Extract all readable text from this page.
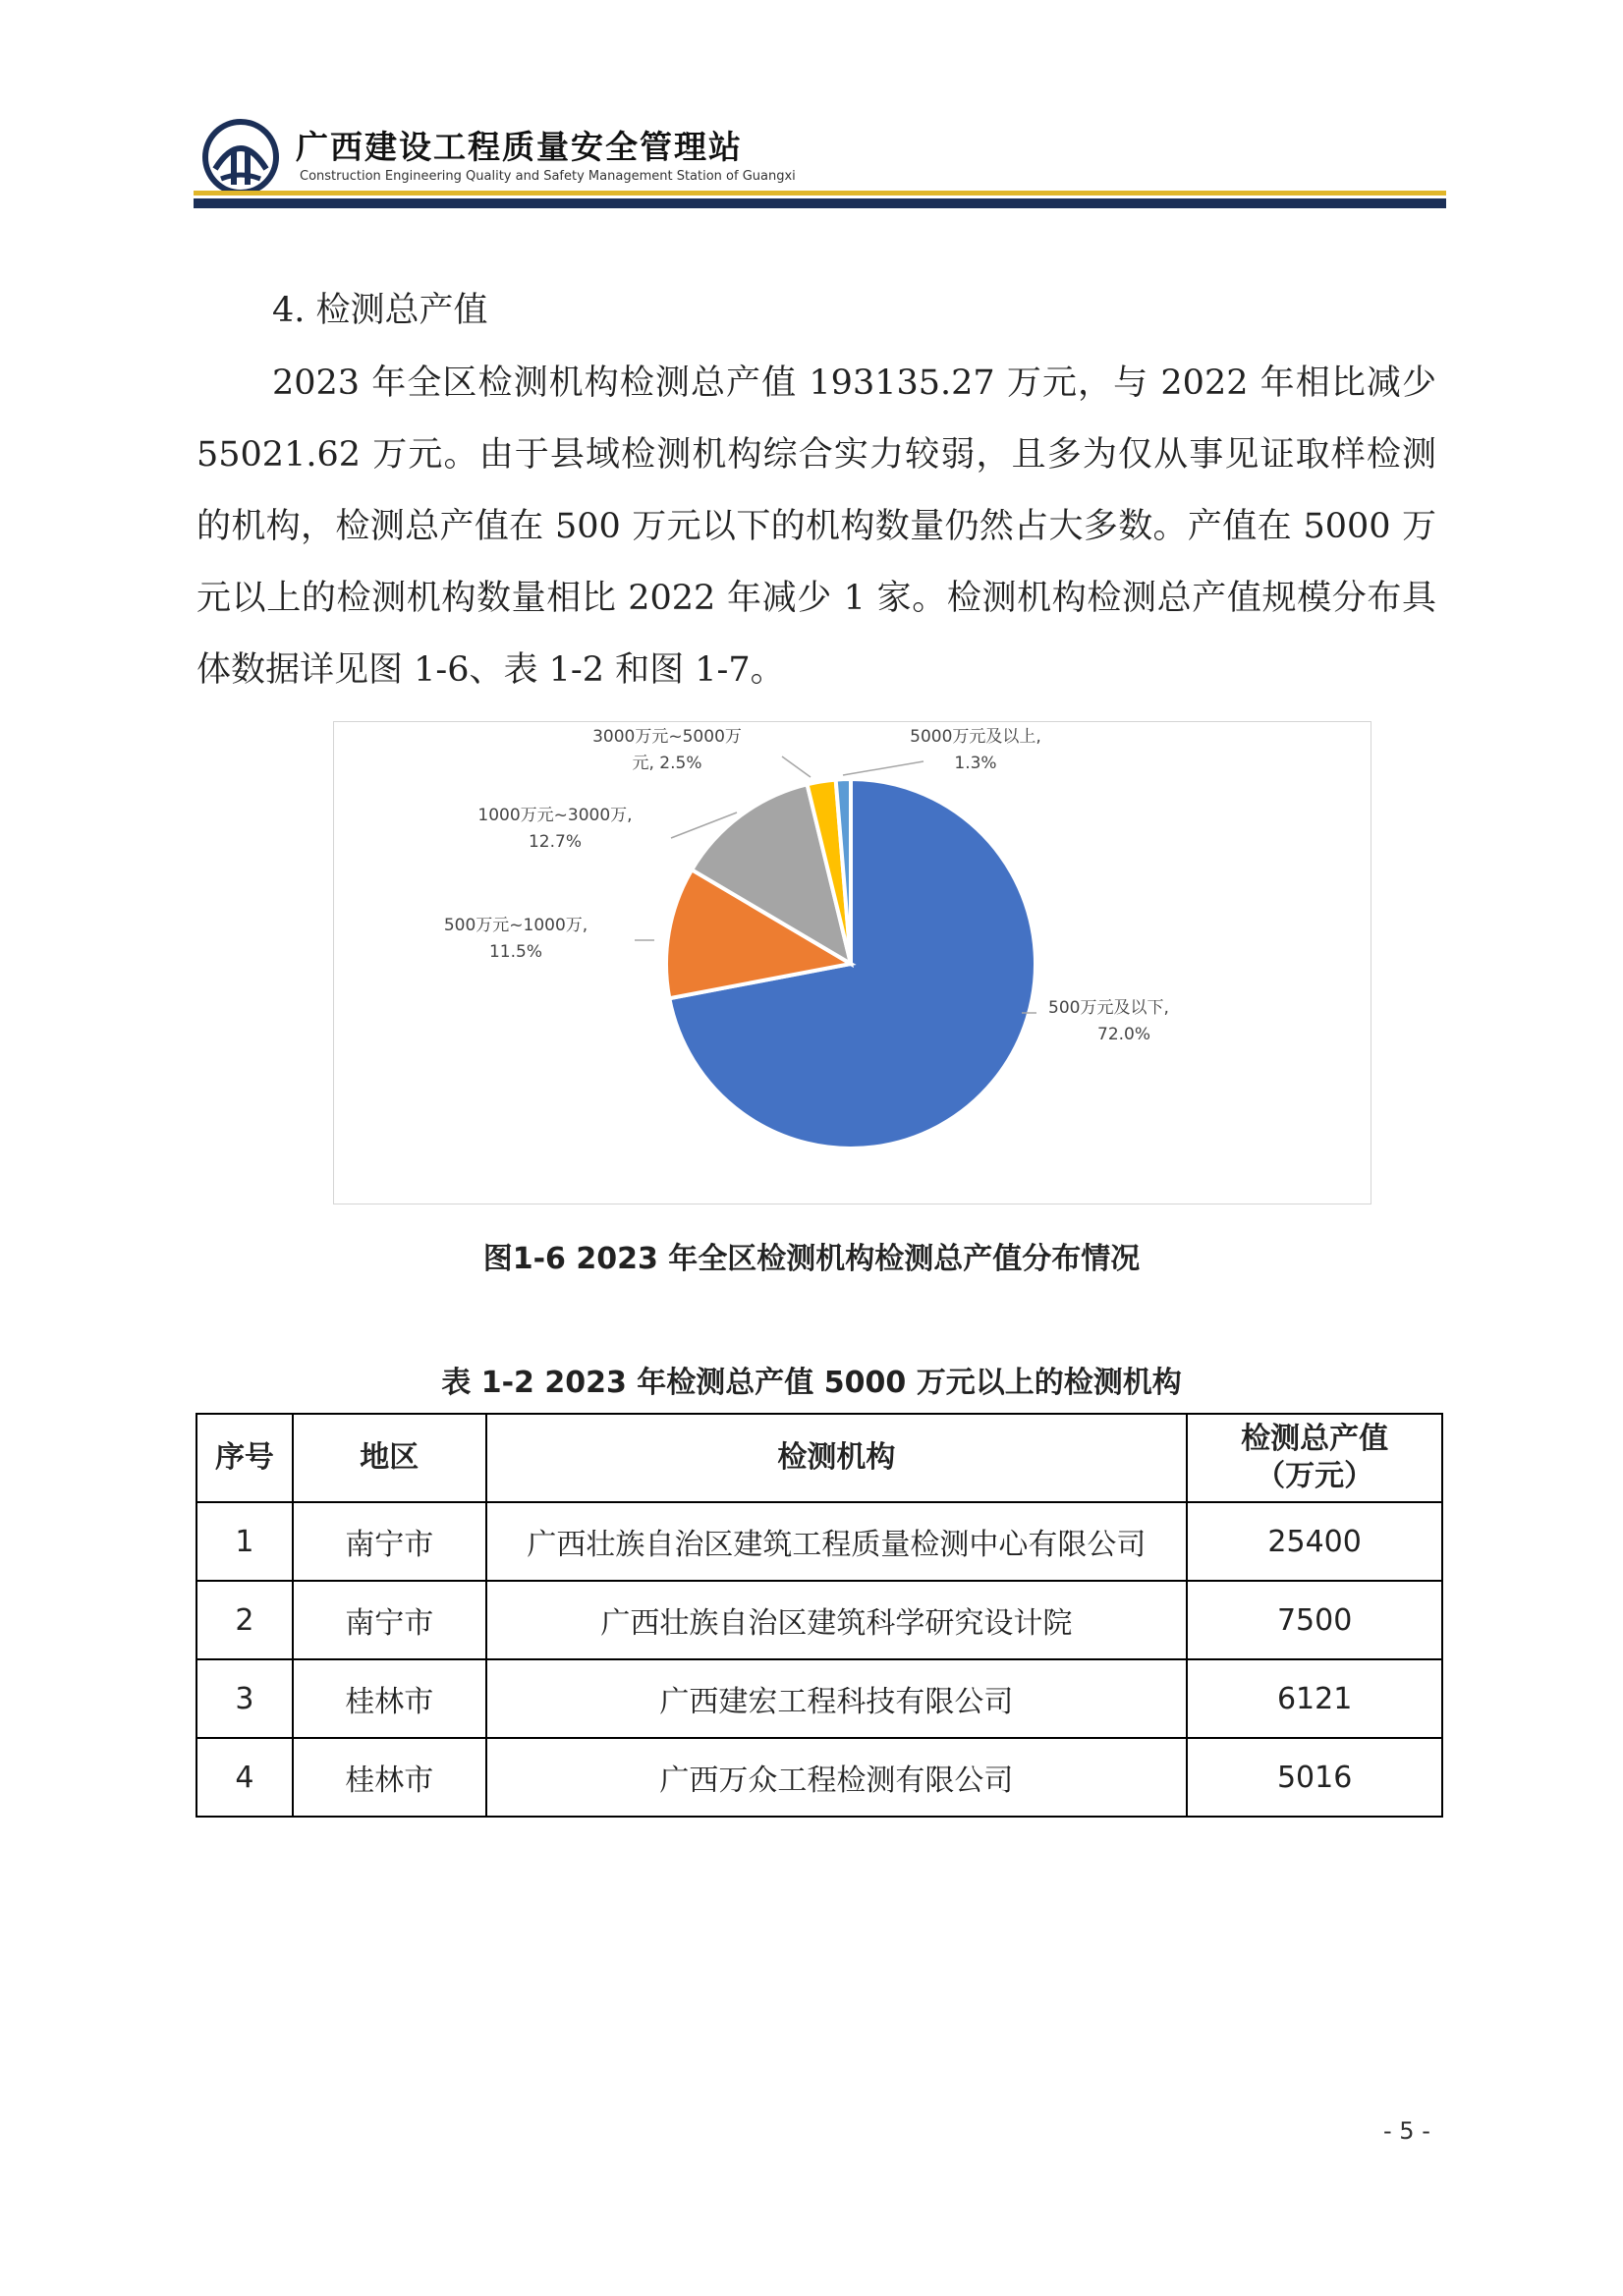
广西建设工程质量安全管理站
Construction Engineering Quality and Safety Management Station of Guangxi
4. 检测总产值

2023 年全区检测机构检测总产值 193135.27 万元，与 2022 年相比减少 55021.62 万元。由于县域检测机构综合实力较弱，且多为仅从事见证取样检测的机构，检测总产值在 500 万元以下的机构数量仍然占大多数。产值在 5000 万元以上的检测机构数量相比 2022 年减少 1 家。检测机构检测总产值规模分布具体数据详见图 1-6、表 1-2 和图 1-7。

500万元及以下, 72.0%
500万元~1000万, 11.5%
1000万元~3000万, 12.7%
3000万元~5000万元, 2.5%
5000万元及以上, 1.3%
图1-6 2023 年全区检测机构检测总产值分布情况
表 1-2 2023 年检测总产值 5000 万元以上的检测机构
序号	地区	检测机构	检测总产值
（万元）
1	南宁市	广西壮族自治区建筑工程质量检测中心有限公司	25400
2	南宁市	广西壮族自治区建筑科学研究设计院	7500
3	桂林市	广西建宏工程科技有限公司	6121
4	桂林市	广西万众工程检测有限公司	5016
- 5 -
